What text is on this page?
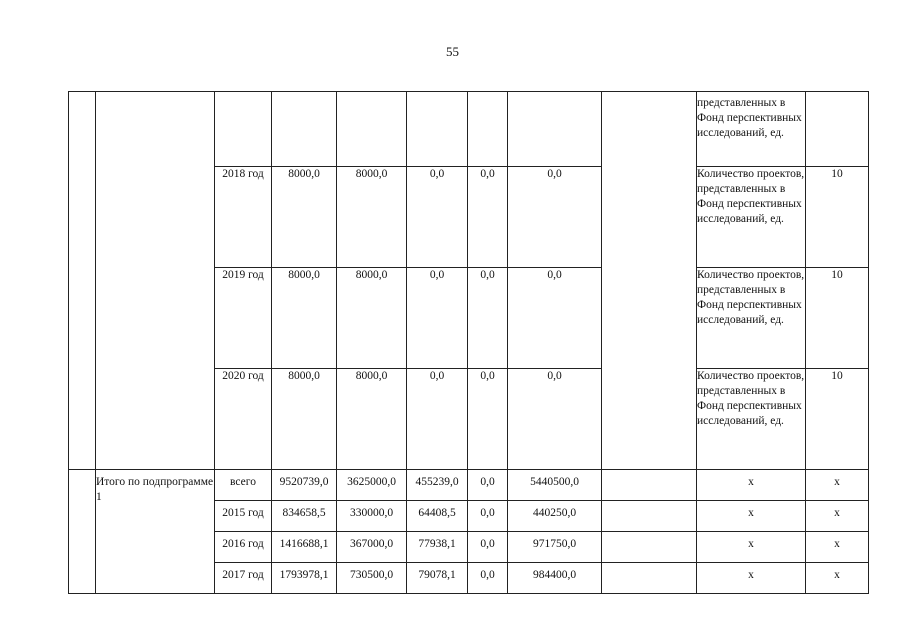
55
									представленных в Фонд перспективных исследований, ед.	
		2018 год	8000,0	8000,0	0,0	0,0	0,0		Количество проектов, представленных в Фонд перспективных исследований, ед.	10
		2019 год	8000,0	8000,0	0,0	0,0	0,0		Количество проектов, представленных в Фонд перспективных исследований, ед.	10
		2020 год	8000,0	8000,0	0,0	0,0	0,0		Количество проектов, представленных в Фонд перспективных исследований, ед.	10
	Итого по подпрограмме 1	всего	9520739,0	3625000,0	455239,0	0,0	5440500,0		х	х
		2015 год	834658,5	330000,0	64408,5	0,0	440250,0		х	х
		2016 год	1416688,1	367000,0	77938,1	0,0	971750,0		х	х
		2017 год	1793978,1	730500,0	79078,1	0,0	984400,0		х	х
